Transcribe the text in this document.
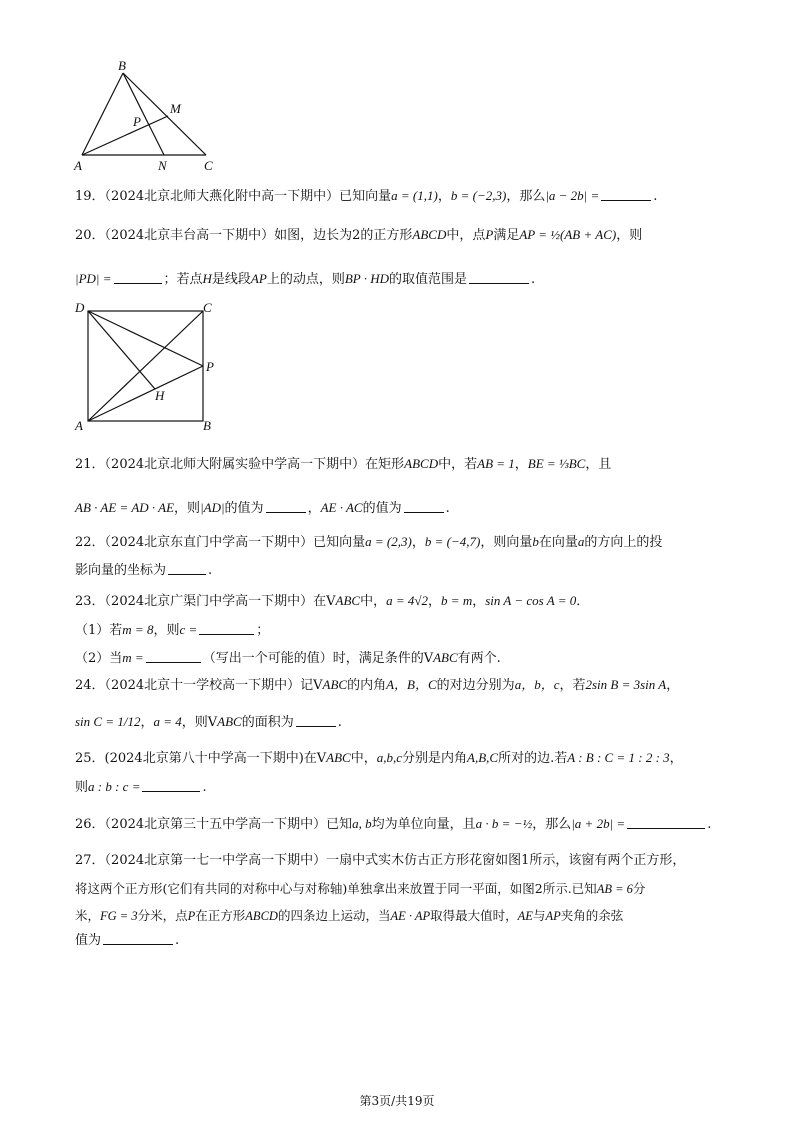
B
M
P
A	N	C
19．（2024北京北师大燕化附中高一下期中）已知向量a = (1,1)，b = (−2,3)，那么|a − 2b| =	.
20．（2024北京丰台高一下期中）如图，边长为2的正方形ABCD中，点P满足AP = ½(AB + AC)，则
|PD| =	；若点H是线段AP上的动点，则BP · HD的取值范围是	.
D	C
P
H
A	B
21．（2024北京北师大附属实验中学高一下期中）在矩形ABCD中，若AB = 1，BE = ⅓BC，且
AB · AE = AD · AE，则|AD|的值为	，AE · AC的值为	.
22．（2024北京东直门中学高一下期中）已知向量a = (2,3)，b = (−4,7)，则向量b在向量a的方向上的投
影向量的坐标为	.
23．（2024北京广渠门中学高一下期中）在VABC中，a = 4√2，b = m，sin A − cos A = 0．
（1）若m = 8，则c =	；
（2）当m =	（写出一个可能的值）时，满足条件的VABC有两个.
24．（2024北京十一学校高一下期中）记VABC的内角A，B，C的对边分别为a，b，c，若2sin B = 3sin A，
sin C = 1/12，a = 4，则VABC的面积为	.
25．(2024北京第八十中学高一下期中)在VABC中，a,b,c分别是内角A,B,C所对的边.若A : B : C = 1 : 2 : 3，
则a : b : c =	.
26．（2024北京第三十五中学高一下期中）已知a, b均为单位向量，且a · b = −½，那么|a + 2b| =	.
27．（2024北京第一七一中学高一下期中）一扇中式实木仿古正方形花窗如图1所示，该窗有两个正方形，
将这两个正方形(它们有共同的对称中心与对称轴)单独拿出来放置于同一平面，如图2所示.已知AB = 6分
米，FG = 3分米，点P在正方形ABCD的四条边上运动，当AE · AP取得最大值时，AE与AP夹角的余弦
值为	.
第3页/共19页
